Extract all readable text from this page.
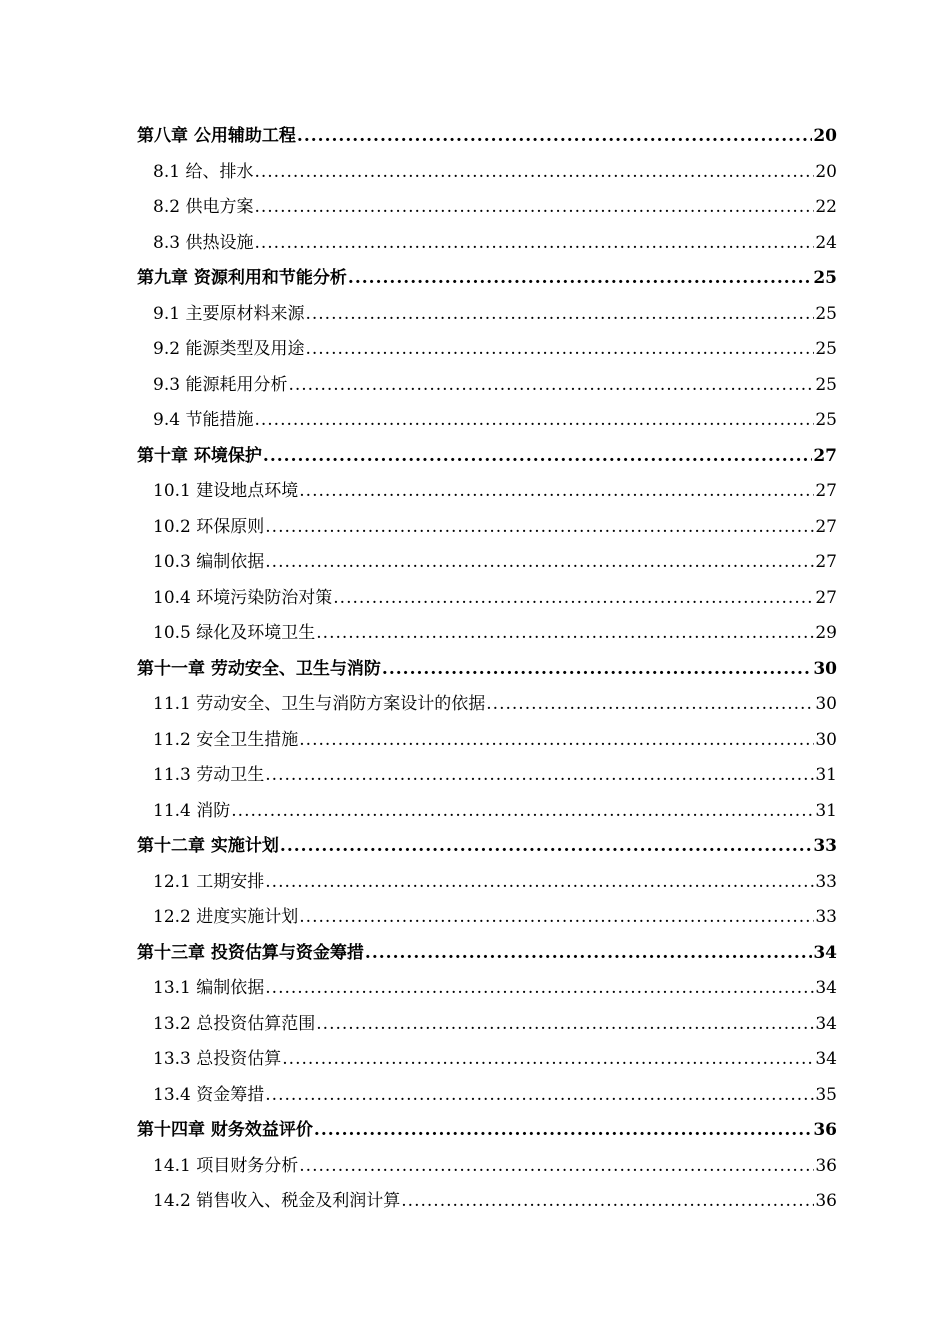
第八章 公用辅助工程 .....	20
8.1 给、排水 .....	20
8.2 供电方案 .....	22
8.3 供热设施 .....	24
第九章 资源利用和节能分析 .....	25
9.1 主要原材料来源 .....	25
9.2 能源类型及用途 .....	25
9.3 能源耗用分析 .....	25
9.4 节能措施 .....	25
第十章 环境保护 .....	27
10.1 建设地点环境 .....	27
10.2 环保原则 .....	27
10.3 编制依据 .....	27
10.4 环境污染防治对策 .....	27
10.5 绿化及环境卫生 .....	29
第十一章 劳动安全、卫生与消防 .....	30
11.1 劳动安全、卫生与消防方案设计的依据 .....	30
11.2 安全卫生措施 .....	30
11.3 劳动卫生 .....	31
11.4 消防 .....	31
第十二章 实施计划 .....	33
12.1 工期安排 .....	33
12.2 进度实施计划 .....	33
第十三章 投资估算与资金筹措 .....	34
13.1 编制依据 .....	34
13.2 总投资估算范围 .....	34
13.3 总投资估算 .....	34
13.4 资金筹措 .....	35
第十四章 财务效益评价 .....	36
14.1 项目财务分析 .....	36
14.2 销售收入、税金及利润计算 .....	36
